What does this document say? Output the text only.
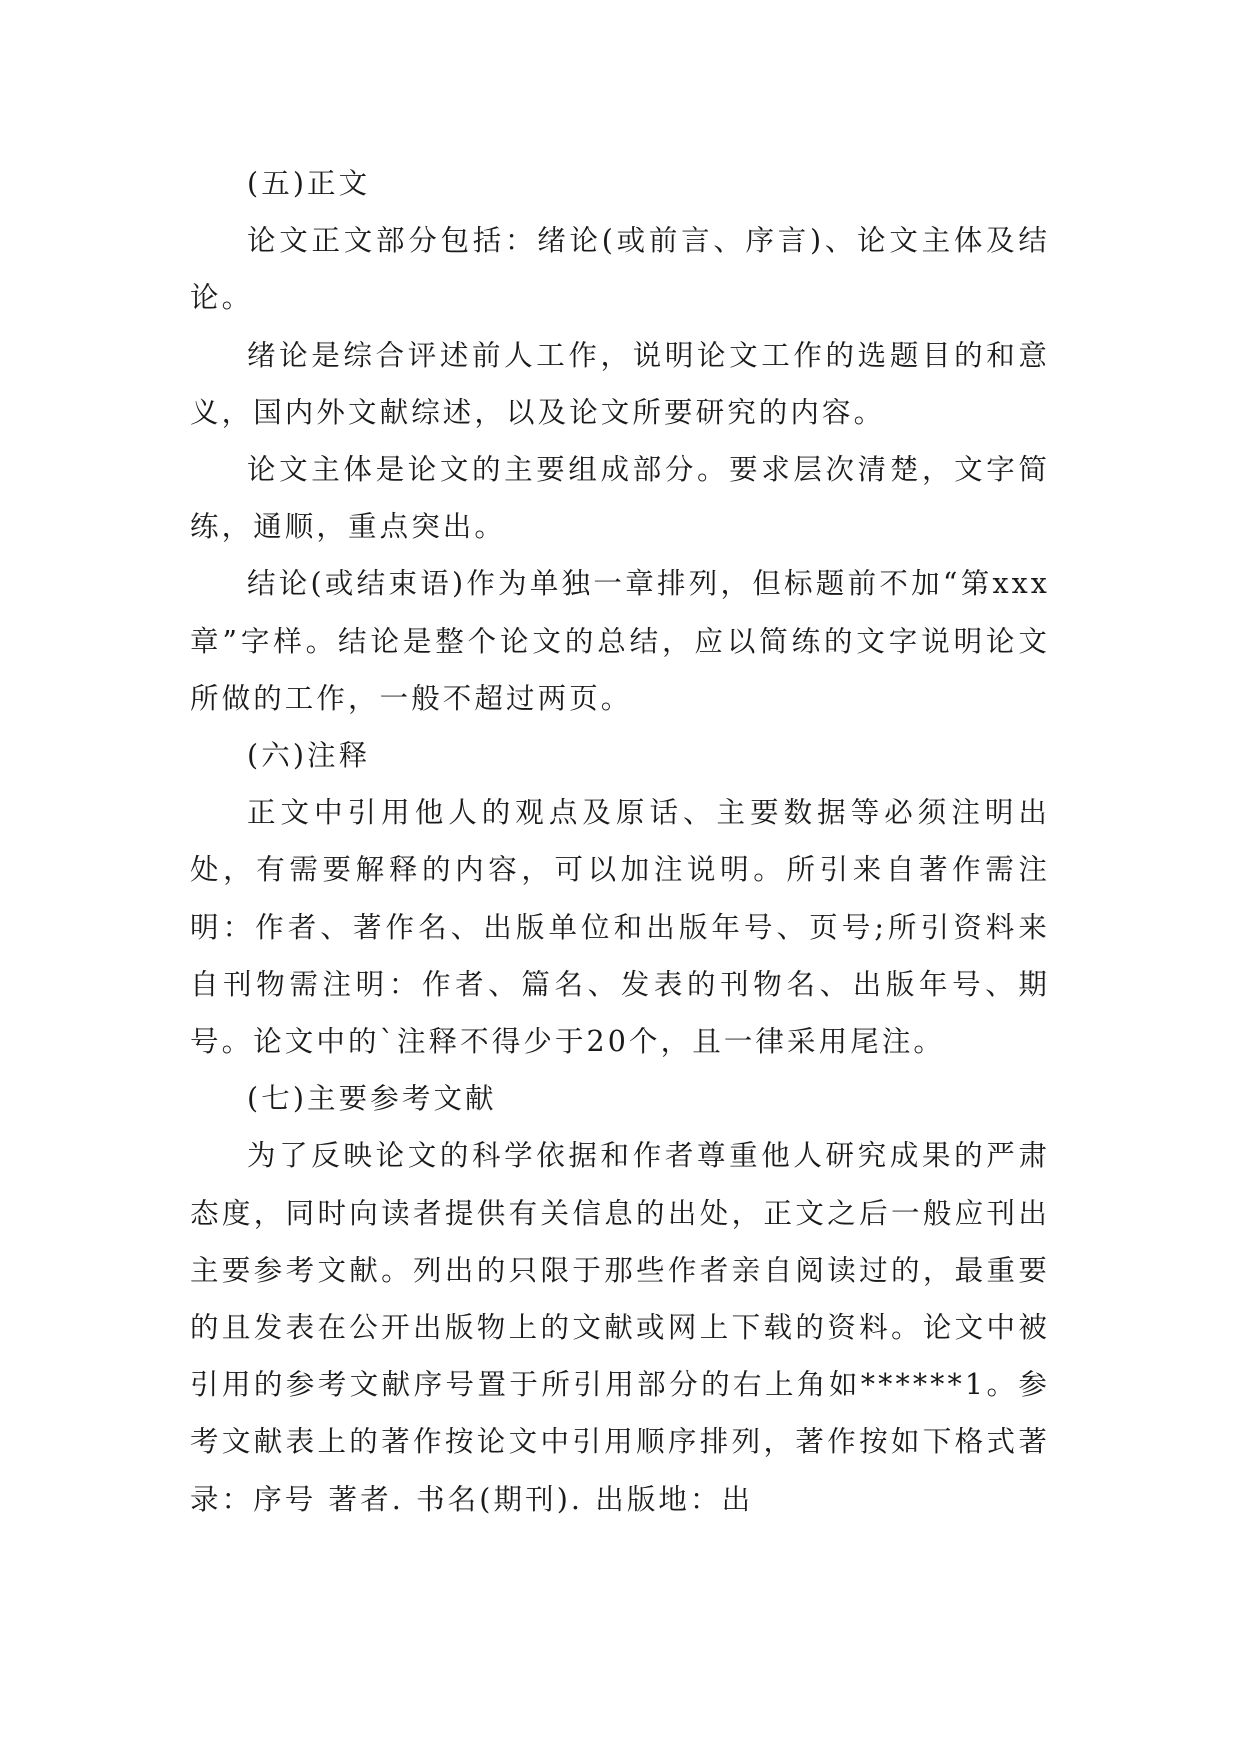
(五)正文

论文正文部分包括：绪论(或前言、序言)、论文主体及结论。

绪论是综合评述前人工作，说明论文工作的选题目的和意义，国内外文献综述，以及论文所要研究的内容。

论文主体是论文的主要组成部分。要求层次清楚，文字简练，通顺，重点突出。

结论(或结束语)作为单独一章排列，但标题前不加“第xxx章”字样。结论是整个论文的总结，应以简练的文字说明论文所做的工作，一般不超过两页。

(六)注释

正文中引用他人的观点及原话、主要数据等必须注明出处，有需要解释的内容，可以加注说明。所引来自著作需注明：作者、著作名、出版单位和出版年号、页号;所引资料来自刊物需注明：作者、篇名、发表的刊物名、出版年号、期号。论文中的`注释不得少于20个，且一律采用尾注。

(七)主要参考文献

为了反映论文的科学依据和作者尊重他人研究成果的严肃态度，同时向读者提供有关信息的出处，正文之后一般应刊出主要参考文献。列出的只限于那些作者亲自阅读过的，最重要的且发表在公开出版物上的文献或网上下载的资料。论文中被引用的参考文献序号置于所引用部分的右上角如******1。参考文献表上的著作按论文中引用顺序排列，著作按如下格式著录：序号 著者. 书名(期刊). 出版地：出
